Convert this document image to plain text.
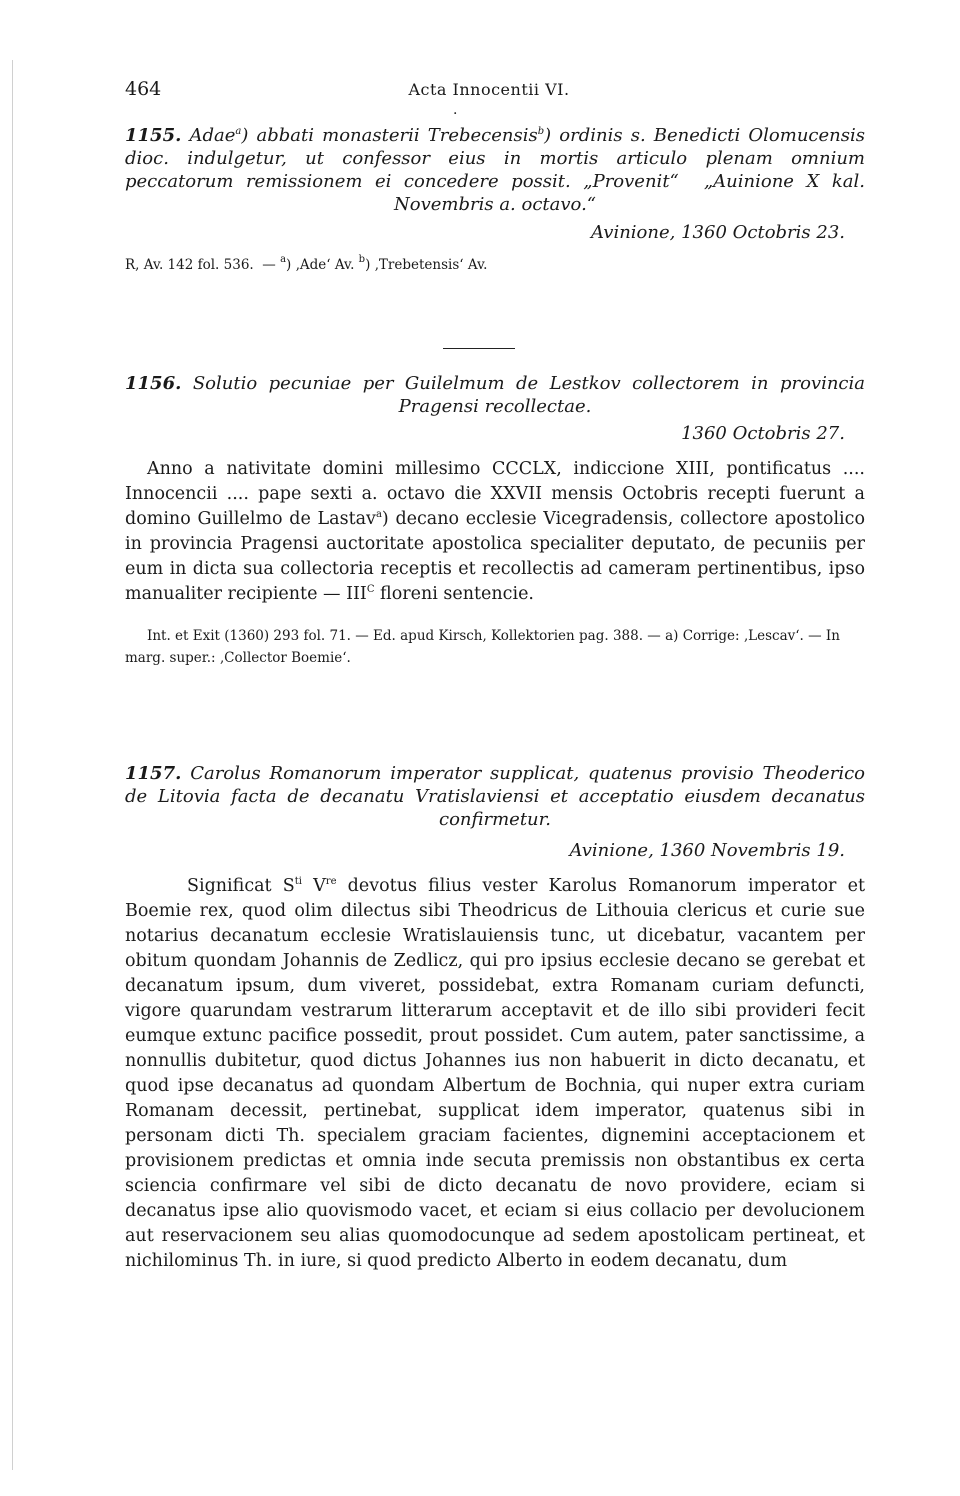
464	Acta Innocentii VI.
·

1155. Adae$^a$) abbati monasterii Trebecensis$^b$) ordinis s. Benedicti Olomucensis dioc. indulgetur, ut confessor eius in mortis articulo plenam omnium peccatorum remissionem ei concedere possit. „Provenit“  „Auinione X kal. Novembris a. octavo.“

Avinione, 1360 Octobris 23.

R, Av. 142 fol. 536.  — $^a$) ‚Ade‘ Av. $^b$) ‚Trebetensis‘ Av.

1156. Solutio pecuniae per Guilelmum de Lestkov collectorem in provincia Pragensi recollectae.

1360 Octobris 27.

Anno a nativitate domini millesimo CCCLX, indiccione XIII, pontificatus .... Innocencii .... pape sexti a. octavo die XXVII mensis Octobris recepti fuerunt a domino Guillelmo de Lastav$^a$) decano ecclesie Vicegradensis, collectore apostolico in provincia Pragensi auctoritate apostolica specialiter deputato, de pecuniis per eum in dicta sua collectoria receptis et recollectis ad cameram pertinentibus, ipso manualiter recipiente — $III^C$ floreni sentencie.

Int. et Exit (1360) 293 fol. 71. — Ed. apud Kirsch, Kollektorien pag. 388. — a) Corrige: ‚Lescav‘. — In marg. super.: ‚Collector Boemie‘.

1157. Carolus Romanorum imperator supplicat, quatenus provisio Theoderico de Litovia facta de decanatu Vratislaviensi et acceptatio eiusdem decanatus confirmetur.

Avinione, 1360 Novembris 19.

Significat $S^{ti}$ Vre devotus filius vester Karolus Romanorum imperator et Boemie rex, quod olim dilectus sibi Theodricus de Lithouia clericus et curie sue notarius decanatum ecclesie Wratislauiensis tunc, ut dicebatur, vacantem per obitum quondam Johannis de Zedlicz, qui pro ipsius ecclesie decano se gerebat et decanatum ipsum, dum viveret, possidebat, extra Romanam curiam defuncti, vigore quarundam vestrarum litterarum acceptavit et de illo sibi provideri fecit eumque extunc pacifice possedit, prout possidet. Cum autem, pater sanctissime, a nonnullis dubitetur, quod dictus Johannes ius non habuerit in dicto decanatu, et quod ipse decanatus ad quondam Albertum de Bochnia, qui nuper extra curiam Romanam decessit, pertinebat, supplicat idem imperator, quatenus sibi in personam dicti Th. specialem graciam facientes, dignemini acceptacionem et provisionem predictas et omnia inde secuta premissis non obstantibus ex certa sciencia confirmare vel sibi de dicto decanatu de novo providere, eciam si decanatus ipse alio quovismodo vacet, et eciam si eius collacio per devolucionem aut reservacionem seu alias quomodocunque ad sedem apostolicam pertineat, et nichilominus Th. in iure, si quod predicto Alberto in eodem decanatu, dum
